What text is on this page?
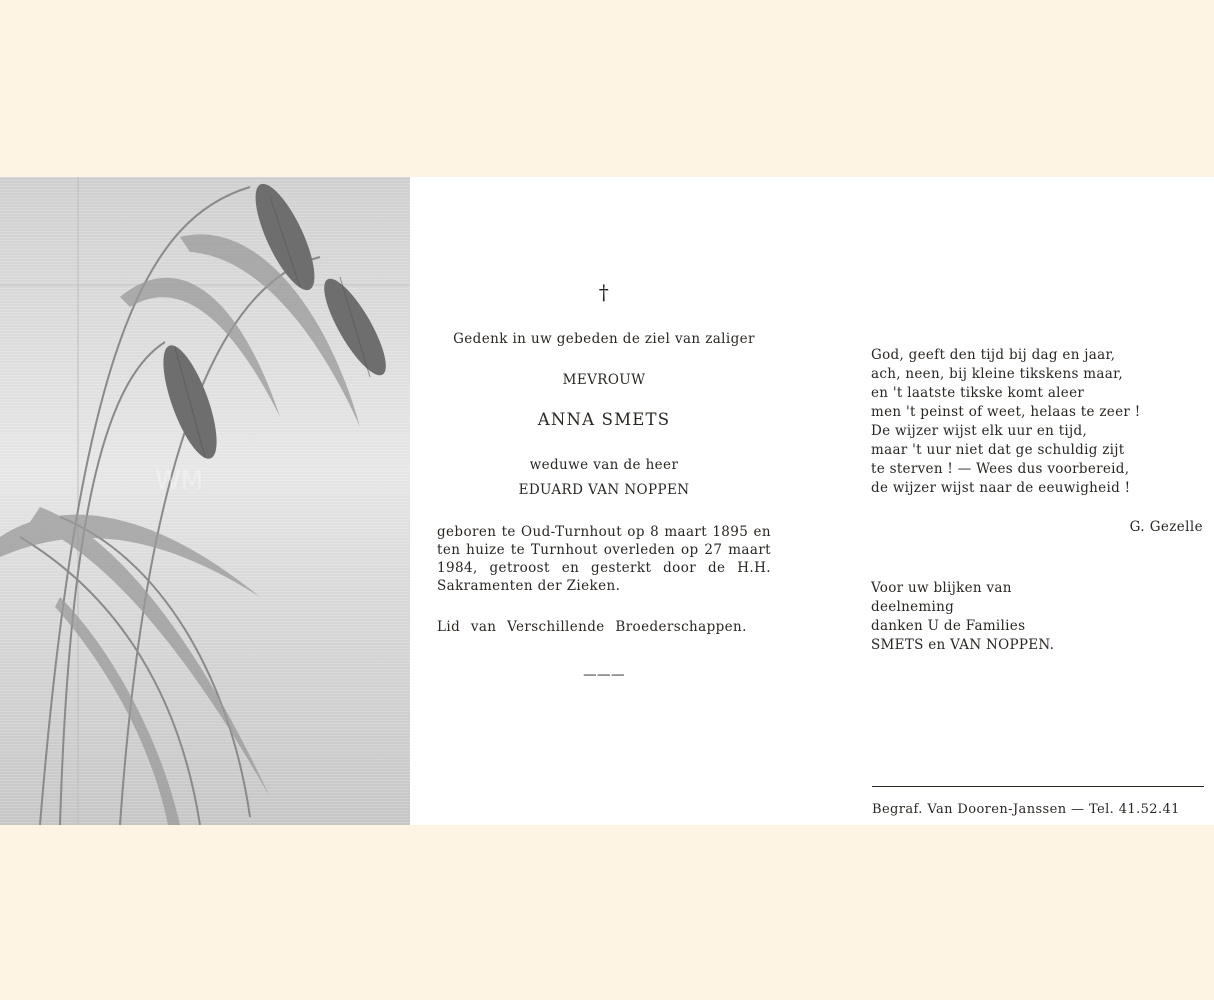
WM
†
Gedenk in uw gebeden de ziel van zaliger
MEVROUW
ANNA SMETS
weduwe van de heer
EDUARD VAN NOPPEN
geboren te Oud-Turnhout op 8 maart 1895 en ten huize te Turnhout overleden op 27 maart 1984, getroost en gesterkt door de H.H. Sakramenten der Zieken.
Lid van Verschillende Broederschappen.
———
God, geeft den tijd bij dag en jaar,
ach, neen, bij kleine tikskens maar,
en 't laatste tikske komt aleer
men 't peinst of weet, helaas te zeer !
De wijzer wijst elk uur en tijd,
maar 't uur niet dat ge schuldig zijt
te sterven ! — Wees dus voorbereid,
de wijzer wijst naar de eeuwigheid !
G. Gezelle
Voor uw blijken van
deelneming
danken U de Families
SMETS en VAN NOPPEN.
Begraf. Van Dooren-Janssen — Tel. 41.52.41
